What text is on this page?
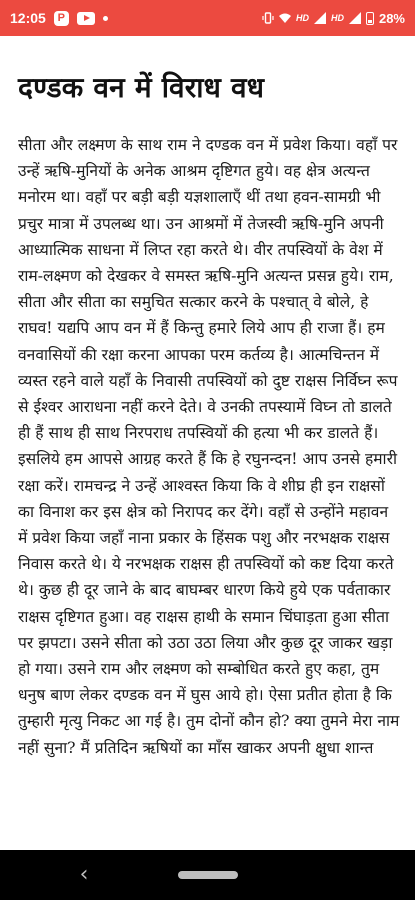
12:05	P	HD HD	28%
दण्डक वन में विराध वध
सीता और लक्ष्मण के साथ राम ने दण्डक वन में प्रवेश किया। वहाँ पर उन्हें ऋषि-मुनियों के अनेक आश्रम दृष्टिगत हुये। वह क्षेत्र अत्यन्त मनोरम था। वहाँ पर बड़ी बड़ी यज्ञशालाएँ थीं तथा हवन-सामग्री भी प्रचुर मात्रा में उपलब्ध था। उन आश्रमों में तेजस्वी ऋषि-मुनि अपनी आध्यात्मिक साधना में लिप्त रहा करते थे। वीर तपस्वियों के वेश में राम-लक्ष्मण को देखकर वे समस्त ऋषि-मुनि अत्यन्त प्रसन्न हुये। राम, सीता और सीता का समुचित सत्कार करने के पश्चात् वे बोले, हे राघव! यद्यपि आप वन में हैं किन्तु हमारे लिये आप ही राजा हैं। हम वनवासियों की रक्षा करना आपका परम कर्तव्य है। आत्मचिन्तन में व्यस्त रहने वाले यहाँ के निवासी तपस्वियों को दुष्ट राक्षस निर्विघ्न रूप से ईश्वर आराधना नहीं करने देते। वे उनकी तपस्यामें विघ्न तो डालते ही हैं साथ ही साथ निरपराध तपस्वियों की हत्या भी कर डालते हैं। इसलिये हम आपसे आग्रह करते हैं कि हे रघुनन्दन! आप उनसे हमारी रक्षा करें। रामचन्द्र ने उन्हें आश्वस्त किया कि वे शीघ्र ही इन राक्षसों का विनाश कर इस क्षेत्र को निरापद कर देंगे। वहाँ से उन्होंने महावन में प्रवेश किया जहाँ नाना प्रकार के हिंसक पशु और नरभक्षक राक्षस निवास करते थे। ये नरभक्षक राक्षस ही तपस्वियों को कष्ट दिया करते थे। कुछ ही दूर जाने के बाद बाघम्बर धारण किये हुये एक पर्वताकार राक्षस दृष्टिगत हुआ। वह राक्षस हाथी के समान चिंघाड़ता हुआ सीता पर झपटा। उसने सीता को उठा उठा लिया और कुछ दूर जाकर खड़ा हो गया। उसने राम और लक्ष्मण को सम्बोधित करते हुए कहा, तुम धनुष बाण लेकर दण्डक वन में घुस आये हो। ऐसा प्रतीत होता है कि तुम्हारी मृत्यु निकट आ गई है। तुम दोनों कौन हो? क्या तुमने मेरा नाम नहीं सुना? मैं प्रतिदिन ऋषियों का माँस खाकर अपनी क्षुधा शान्त
‹
